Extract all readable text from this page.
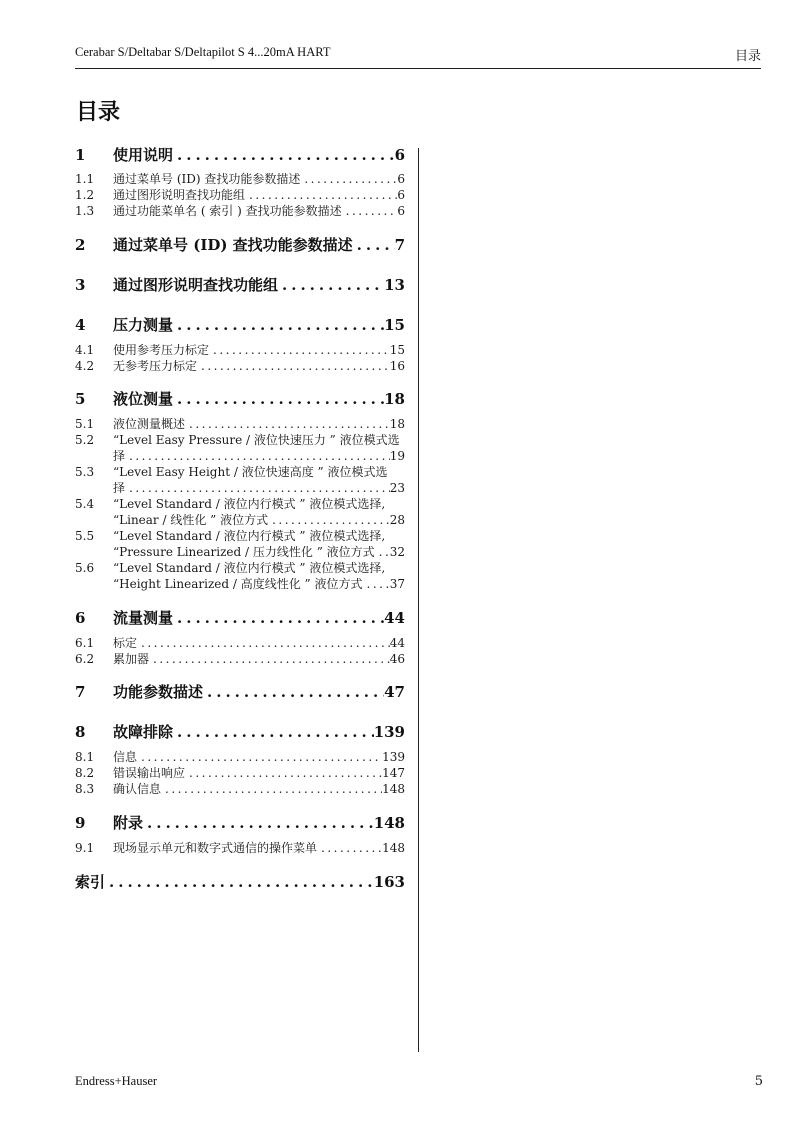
Cerabar S/Deltabar S/Deltapilot S 4...20mA HART	目录
目录
1 使用说明 .....	6
1.1 通过菜单号 (ID) 查找功能参数描述 .....	6
1.2 通过图形说明查找功能组 .....	6
1.3 通过功能菜单名 ( 索引 ) 查找功能参数描述 .....	6
2 通过菜单号 (ID) 查找功能参数描述 .....	7
3 通过图形说明查找功能组 .....	13
4 压力测量 .....	15
4.1 使用参考压力标定 .....	15
4.2 无参考压力标定 .....	16
5 液位测量 .....	18
5.1 液位测量概述 .....	18
5.2 “Level Easy Pressure / 液位快速压力 ” 液位模式选
择 .....	19
5.3 “Level Easy Height / 液位快速高度 ” 液位模式选
择 .....	23
5.4 “Level Standard / 液位内行模式 ” 液位模式选择,
“Linear / 线性化 ” 液位方式 .....	28
5.5 “Level Standard / 液位内行模式 ” 液位模式选择,
“Pressure Linearized / 压力线性化 ” 液位方式 ..... 32
5.6 “Level Standard / 液位内行模式 ” 液位模式选择,
“Height Linearized / 高度线性化 ” 液位方式 ..... 37
6 流量测量 .....	44
6.1 标定 .....	44
6.2 累加器 .....	46
7 功能参数描述 .....	47
8 故障排除 .....	139
8.1 信息 .....	139
8.2 错误输出响应 .....	147
8.3 确认信息 .....	148
9 附录 .....	148
9.1 现场显示单元和数字式通信的操作菜单 .....	148
索引 .....	163
Endress+Hauser	5
